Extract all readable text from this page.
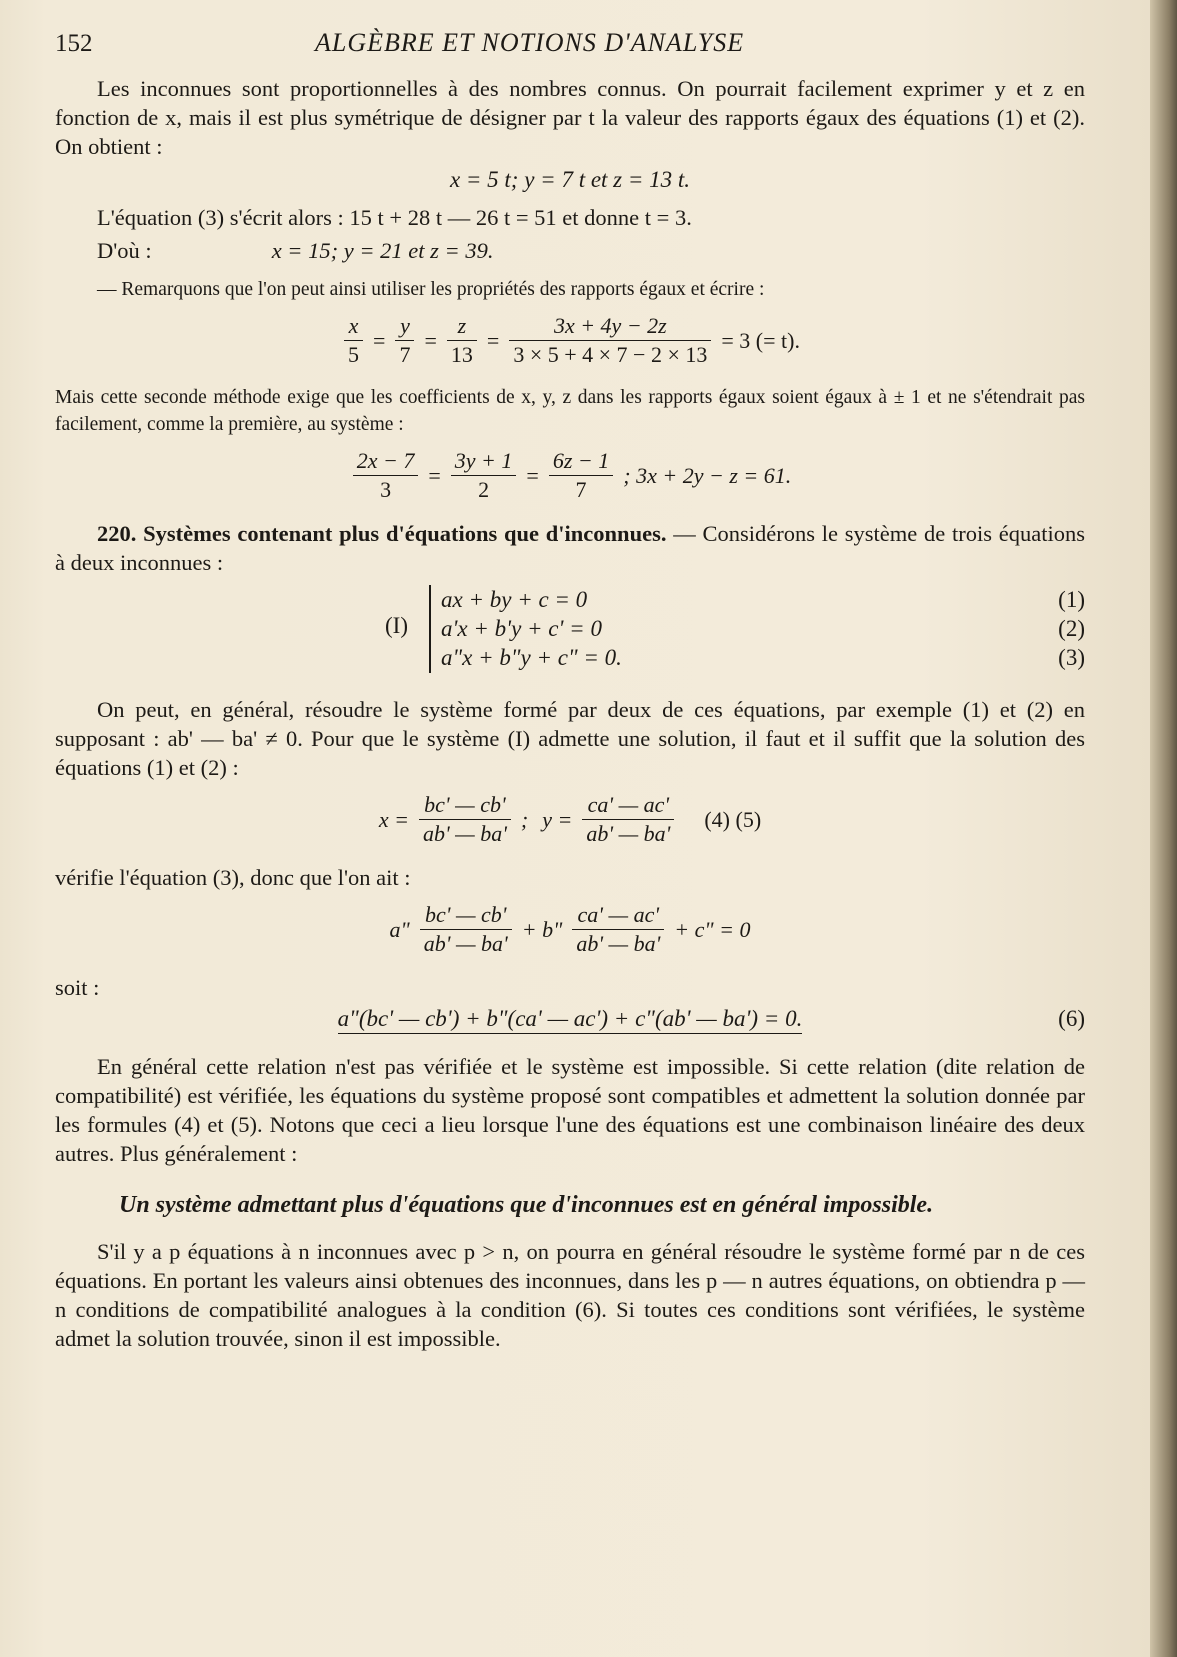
152	ALGÈBRE ET NOTIONS D'ANALYSE

Les inconnues sont proportionnelles à des nombres connus. On pourrait facilement exprimer y et z en fonction de x, mais il est plus symétrique de désigner par t la valeur des rapports égaux des équations (1) et (2). On obtient :

x = 5 t; y = 7 t et z = 13 t.

L'équation (3) s'écrit alors : 15 t + 28 t — 26 t = 51 et donne t = 3.

D'où :	x = 15; y = 21 et z = 39.

— Remarquons que l'on peut ainsi utiliser les propriétés des rapports égaux et écrire :

$\frac{x}{5} = \frac{y}{7} = \frac{z}{13} = \frac{3x + 4y - 2z}{3 \times 5 + 4 \times 7 - 2 \times 13} = 3$ (= t).

Mais cette seconde méthode exige que les coefficients de x, y, z dans les rapports égaux soient égaux à ± 1 et ne s'étendrait pas facilement, comme la première, au système :

$\frac{2x - 7}{3} = \frac{3y + 1}{2} = \frac{6z - 1}{7}$ ; 3x + 2y − z = 61.

220. Systèmes contenant plus d'équations que d'inconnues. — Considérons le système de trois équations à deux inconnues :

(I)
ax + by + c = 0
a'x + b'y + c' = 0
a"x + b"y + c" = 0.
(1)
(2)
(3)

On peut, en général, résoudre le système formé par deux de ces équations, par exemple (1) et (2) en supposant : ab' — ba' ≠ 0. Pour que le système (I) admette une solution, il faut et il suffit que la solution des équations (1) et (2) :

$x = \frac{bc' — cb'}{ab' — ba'}$ ; $y = \frac{ca' — ac'}{ab' — ba'} (4)$ (5)

vérifie l'équation (3), donc que l'on ait :

a" $\frac{bc' — cb'}{ab' — ba'} + b$" $\frac{ca' — ac'}{ab' — ba'} + c$" = 0

soit :

a"(bc' — cb') + b"(ca' — ac') + c"(ab' — ba') = 0.	(6)

En général cette relation n'est pas vérifiée et le système est impossible. Si cette relation (dite relation de compatibilité) est vérifiée, les équations du système proposé sont compatibles et admettent la solution donnée par les formules (4) et (5). Notons que ceci a lieu lorsque l'une des équations est une combinaison linéaire des deux autres. Plus généralement :

Un système admettant plus d'équations que d'inconnues est en général impossible.

S'il y a p équations à n inconnues avec p > n, on pourra en général résoudre le système formé par n de ces équations. En portant les valeurs ainsi obtenues des inconnues, dans les p — n autres équations, on obtiendra p — n conditions de compatibilité analogues à la condition (6). Si toutes ces conditions sont vérifiées, le système admet la solution trouvée, sinon il est impossible.
